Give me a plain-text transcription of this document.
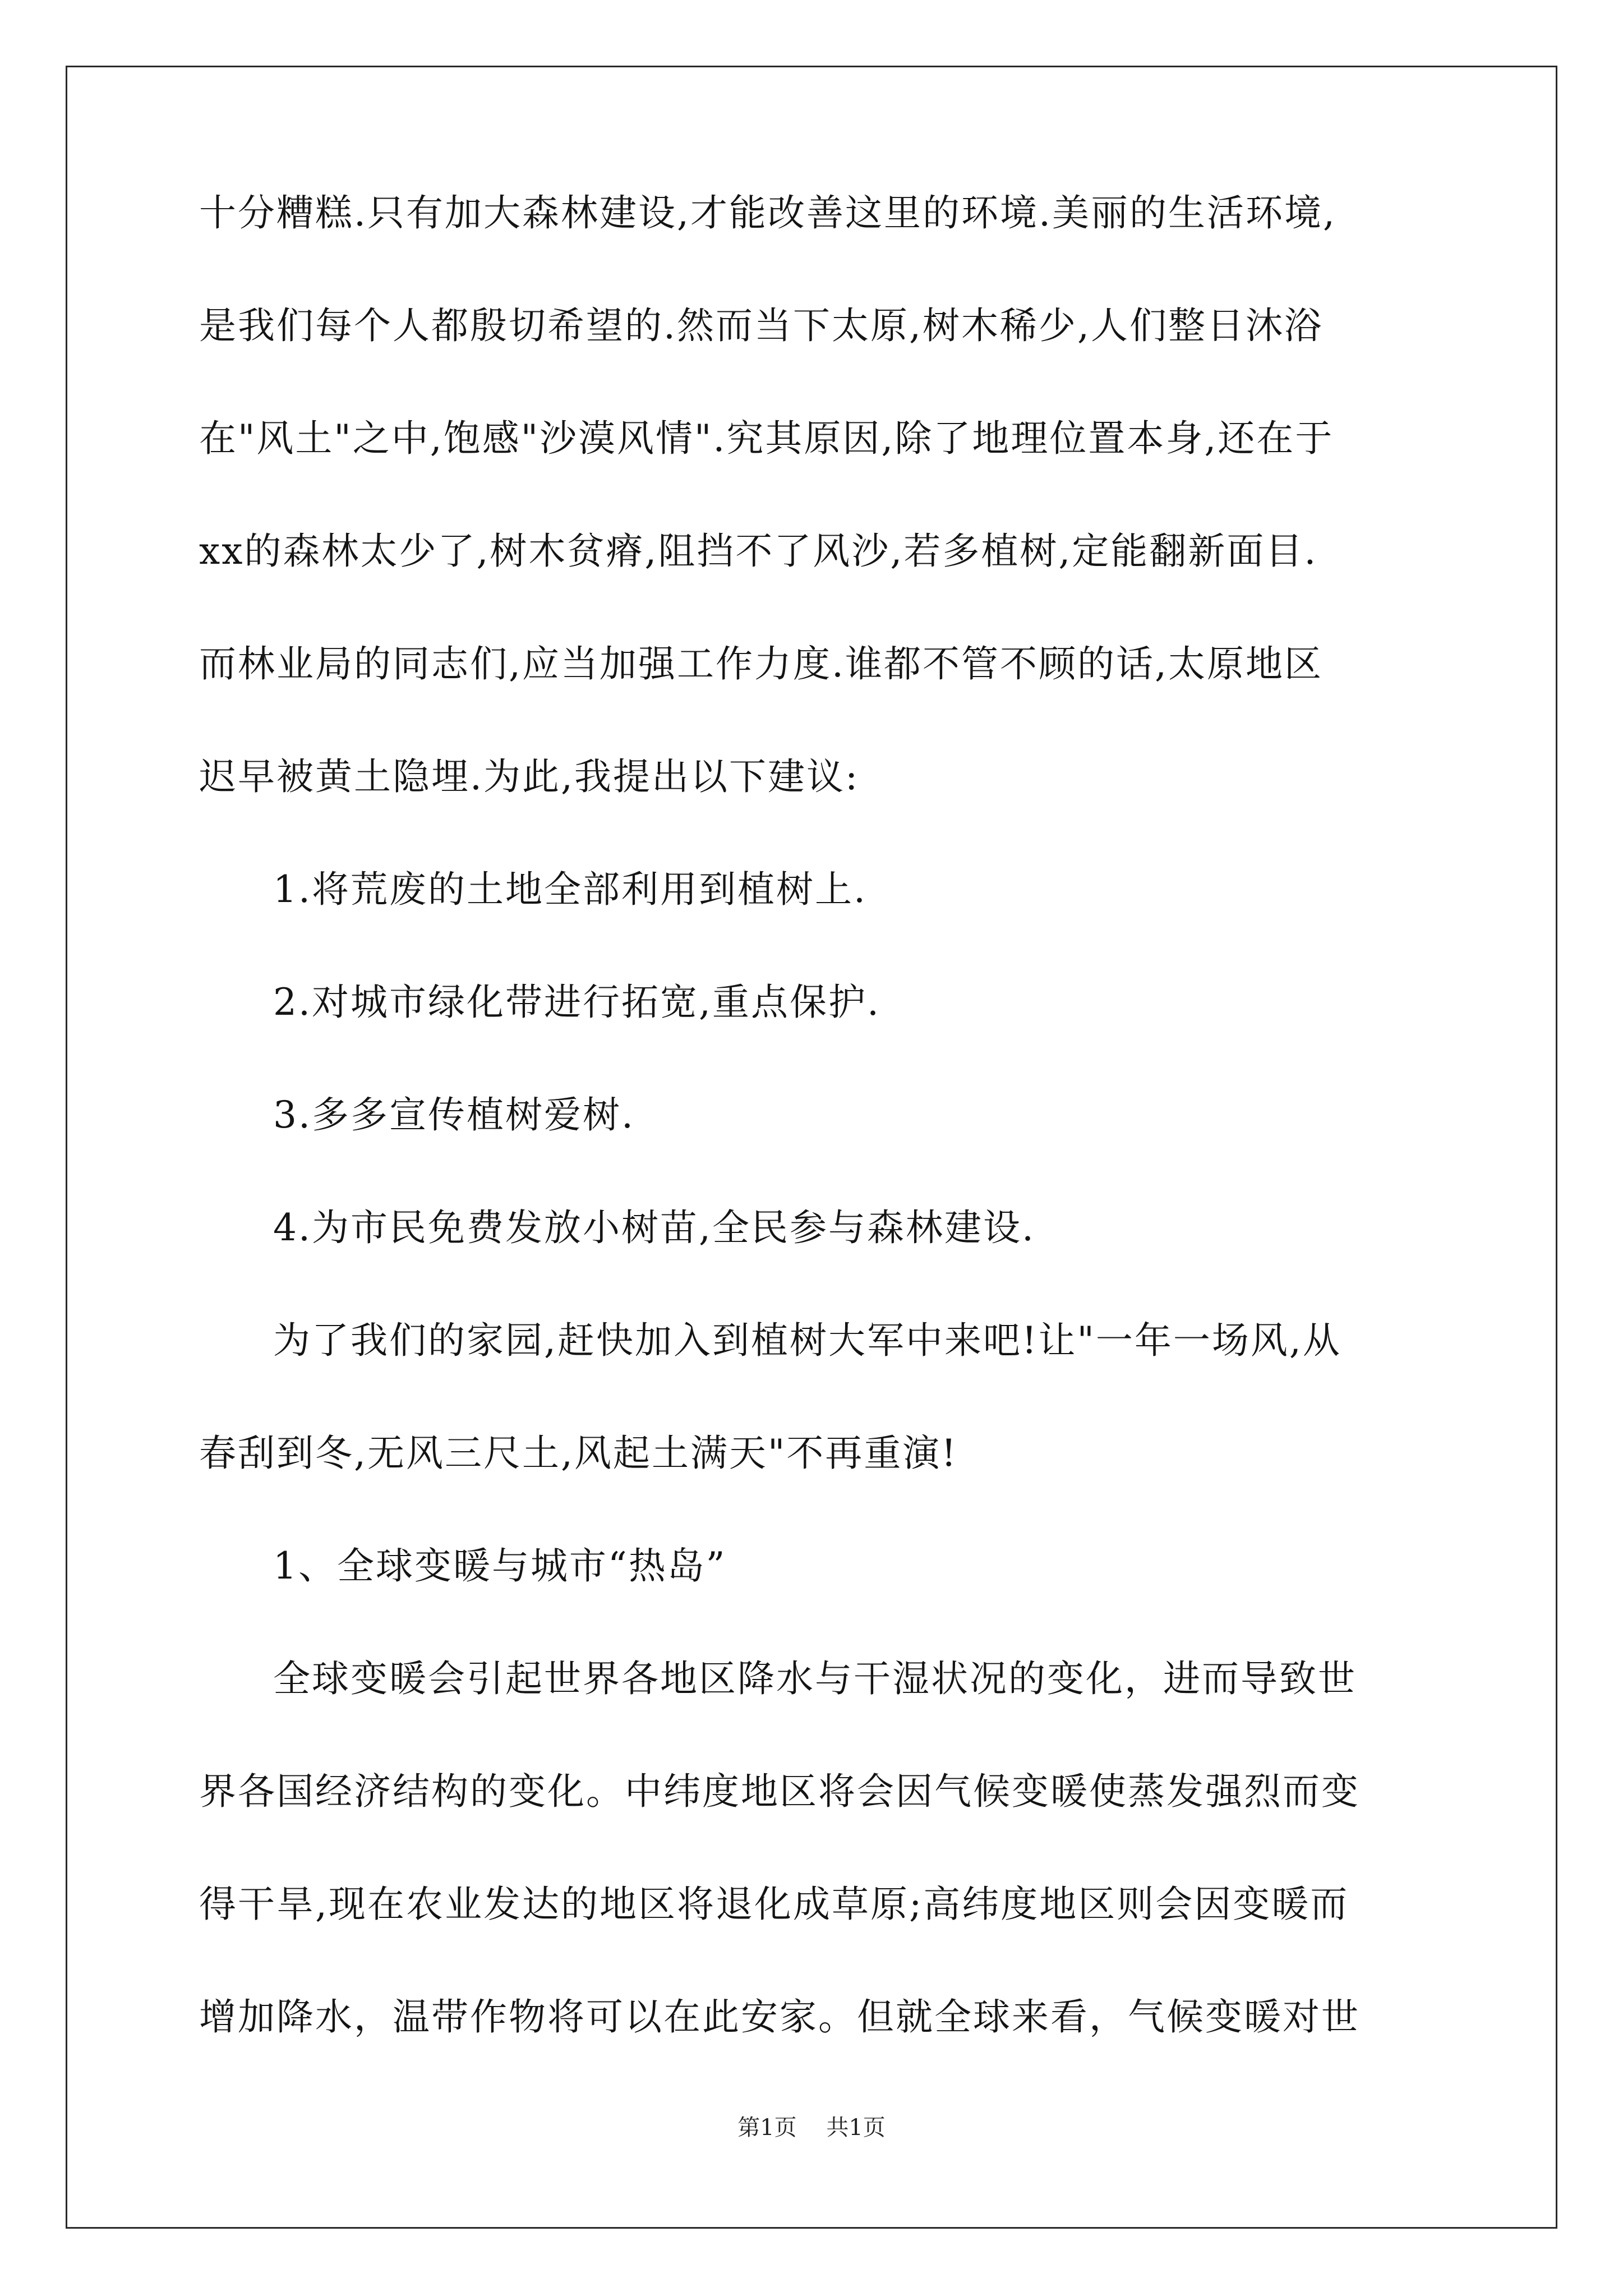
十分糟糕.只有加大森林建设,才能改善这里的环境.美丽的生活环境,
是我们每个人都殷切希望的.然而当下太原,树木稀少,人们整日沐浴
在"风土"之中,饱感"沙漠风情".究其原因,除了地理位置本身,还在于
xx的森林太少了,树木贫瘠,阻挡不了风沙,若多植树,定能翻新面目.
而林业局的同志们,应当加强工作力度.谁都不管不顾的话,太原地区
迟早被黄土隐埋.为此,我提出以下建议:
1.将荒废的土地全部利用到植树上.
2.对城市绿化带进行拓宽,重点保护.
3.多多宣传植树爱树.
4.为市民免费发放小树苗,全民参与森林建设.
为了我们的家园,赶快加入到植树大军中来吧!让"一年一场风,从
春刮到冬,无风三尺土,风起土满天"不再重演!
1、全球变暖与城市“热岛”
全球变暖会引起世界各地区降水与干湿状况的变化，进而导致世
界各国经济结构的变化。中纬度地区将会因气候变暖使蒸发强烈而变
得干旱,现在农业发达的地区将退化成草原;高纬度地区则会因变暖而
增加降水，温带作物将可以在此安家。但就全球来看，气候变暖对世
第1页 共1页
